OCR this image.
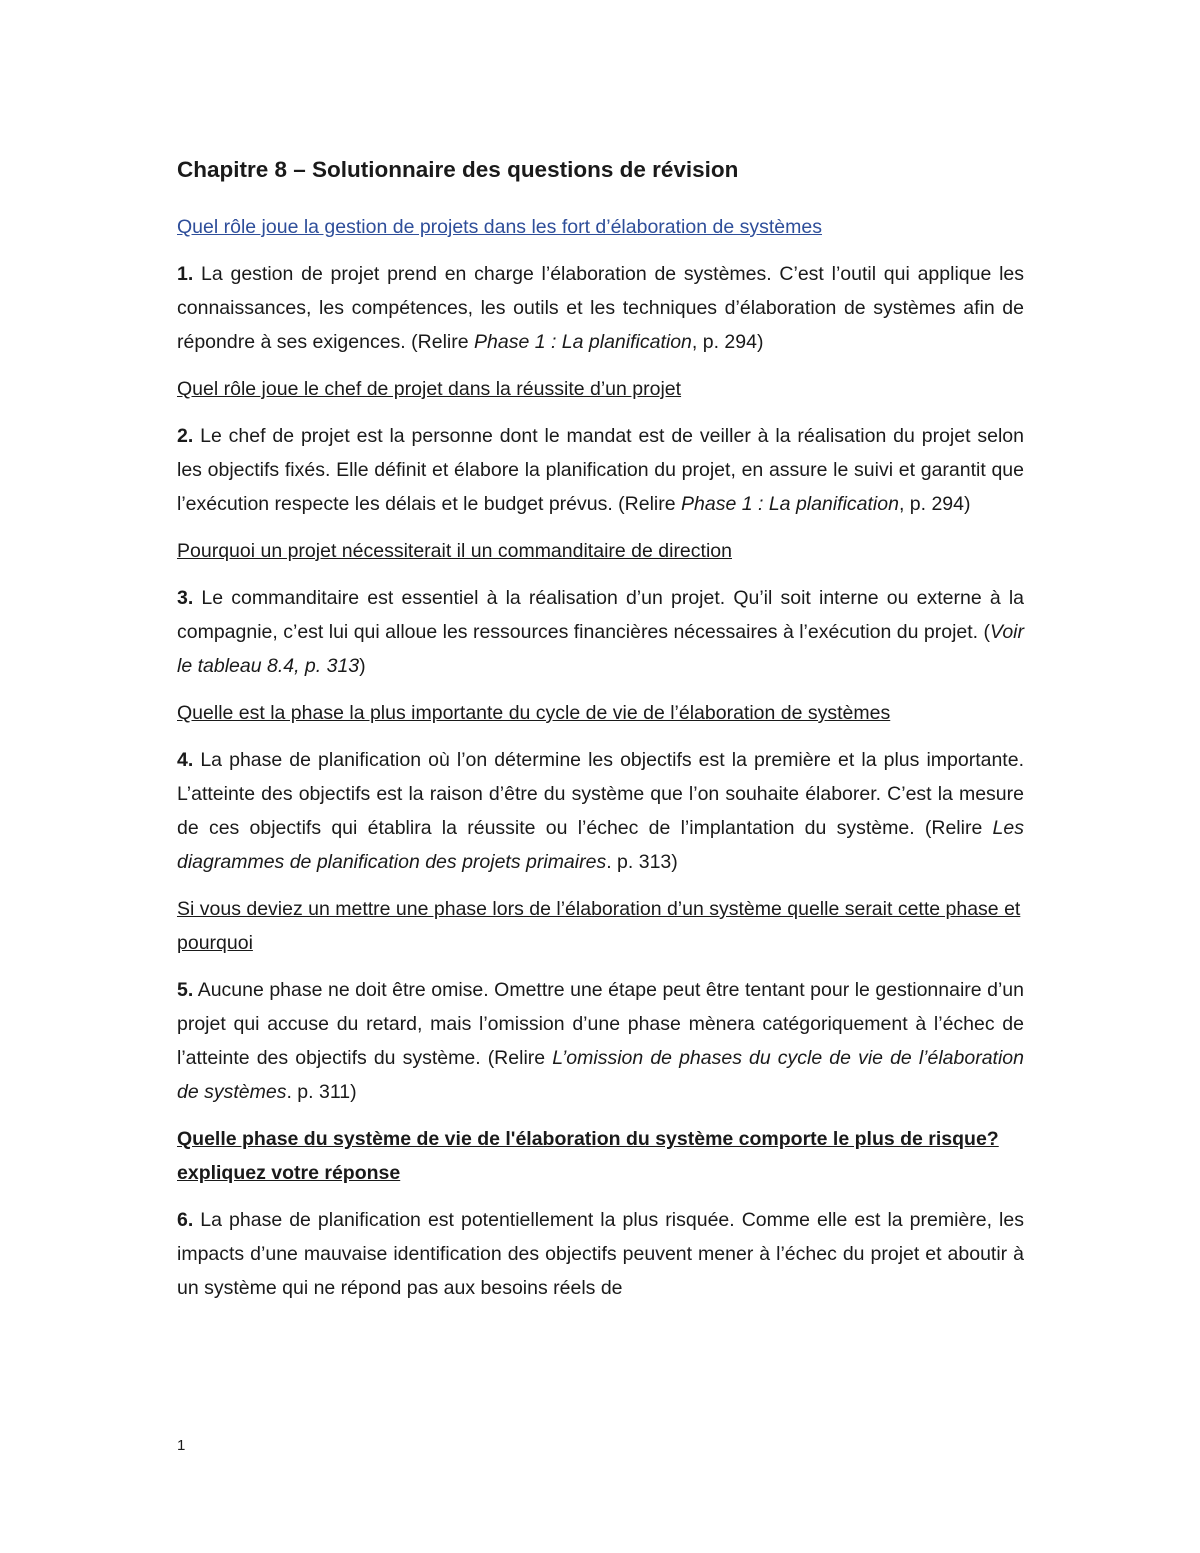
Chapitre 8 – Solutionnaire des questions de révision
Quel rôle joue la gestion de projets dans les fort d’élaboration de systèmes
1. La gestion de projet prend en charge l’élaboration de systèmes. C’est l’outil qui applique les connaissances, les compétences, les outils et les techniques d’élaboration de systèmes afin de répondre à ses exigences. (Relire Phase 1 : La planification, p. 294)
Quel rôle joue le chef de projet dans la réussite d’un projet
2. Le chef de projet est la personne dont le mandat est de veiller à la réalisation du projet selon les objectifs fixés. Elle définit et élabore la planification du projet, en assure le suivi et garantit que l’exécution respecte les délais et le budget prévus. (Relire Phase 1 : La planification, p. 294)
Pourquoi un projet nécessiterait il un commanditaire de direction
3. Le commanditaire est essentiel à la réalisation d’un projet. Qu’il soit interne ou externe à la compagnie, c’est lui qui alloue les ressources financières nécessaires à l’exécution du projet. (Voir le tableau 8.4, p. 313)
Quelle est la phase la plus importante du cycle de vie de l’élaboration de systèmes
4. La phase de planification où l’on détermine les objectifs est la première et la plus importante. L’atteinte des objectifs est la raison d’être du système que l’on souhaite élaborer. C’est la mesure de ces objectifs qui établira la réussite ou l’échec de l’implantation du système. (Relire Les diagrammes de planification des projets primaires. p. 313)
Si vous deviez un mettre une phase lors de l’élaboration d’un système quelle serait cette phase et pourquoi
5. Aucune phase ne doit être omise. Omettre une étape peut être tentant pour le gestionnaire d’un projet qui accuse du retard, mais l’omission d’une phase mènera catégoriquement à l’échec de l’atteinte des objectifs du système. (Relire L’omission de phases du cycle de vie de l’élaboration de systèmes. p. 311)
Quelle phase du système de vie de l'élaboration du système comporte le plus de risque? expliquez votre réponse
6. La phase de planification est potentiellement la plus risquée. Comme elle est la première, les impacts d’une mauvaise identification des objectifs peuvent mener à l’échec du projet et aboutir à un système qui ne répond pas aux besoins réels de
1
